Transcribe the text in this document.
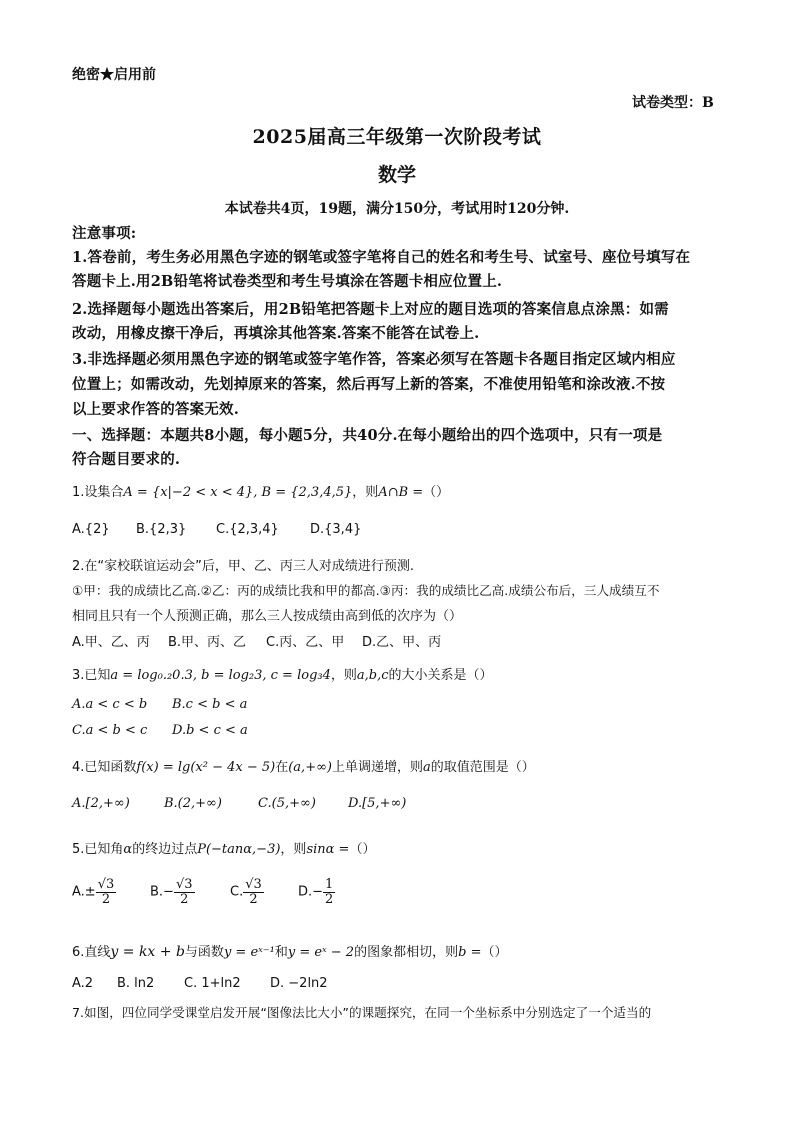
绝密★启用前
试卷类型：B
2025届高三年级第一次阶段考试
数学
本试卷共4页，19题，满分150分，考试用时120分钟.
注意事项:
1.答卷前，考生务必用黑色字迹的钢笔或签字笔将自己的姓名和考生号、试室号、座位号填写在
答题卡上.用2B铅笔将试卷类型和考生号填涂在答题卡相应位置上.
2.选择题每小题选出答案后，用2B铅笔把答题卡上对应的题目选项的答案信息点涂黑：如需
改动，用橡皮擦干净后，再填涂其他答案.答案不能答在试卷上.
3.非选择题必须用黑色字迹的钢笔或签字笔作答，答案必须写在答题卡各题目指定区域内相应
位置上；如需改动，先划掉原来的答案，然后再写上新的答案，不准使用铅笔和涂改液.不按
以上要求作答的答案无效.
一、选择题：本题共8小题，每小题5分，共40分.在每小题给出的四个选项中，只有一项是
符合题目要求的.
1.设集合A = {x|−2 < x < 4}, B = {2,3,4,5}，则A∩B =（）
A.{2} B.{2,3} C.{2,3,4} D.{3,4}
2.在“家校联谊运动会”后，甲、乙、丙三人对成绩进行预测.
①甲：我的成绩比乙高.②乙：丙的成绩比我和甲的都高.③丙：我的成绩比乙高.成绩公布后，三人成绩互不
相同且只有一个人预测正确，那么三人按成绩由高到低的次序为（）
A.甲、乙、丙 B.甲、丙、乙 C.丙、乙、甲 D.乙、甲、丙
3.已知a = log₀.₂0.3, b = log₂3, c = log₃4，则a,b,c的大小关系是（）
A.a < c < b B.c < b < a
C.a < b < c D.b < c < a
4.已知函数f(x) = lg(x² − 4x − 5)在(a,+∞)上单调递增，则a的取值范围是（）
A.[2,+∞)	B.(2,+∞)	C.(5,+∞) D.[5,+∞)
5.已知角α的终边过点P(−tanα,−3)，则sinα =（）
$A.\pm \frac{√3}{2}$	$B.- \frac{√3}{2}$	C. $\frac{√3}{2}$	$D.- \frac{1}{2}$
6.直线y = kx + b与函数y = eˣ⁻¹和y = eˣ − 2的图象都相切，则b =（）
A.2 B. ln2 C. 1+ln2 D. −2ln2
7.如图，四位同学受课堂启发开展“图像法比大小”的课题探究，在同一个坐标系中分别选定了一个适当的
